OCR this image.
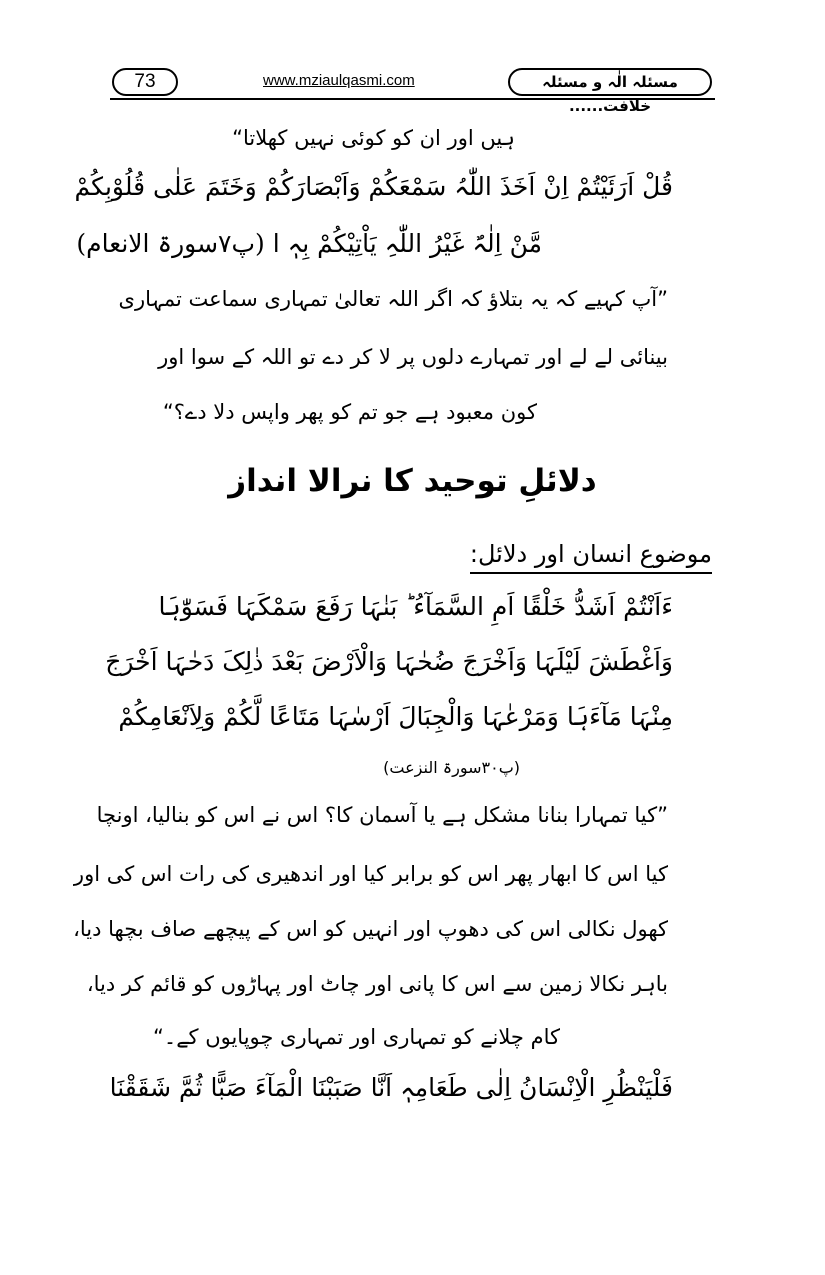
73	www.mziaulqasmi.com	مسئلہ الٰہ و مسئلہ خلافت......
ہیں اور ان کو کوئی نہیں کھلاتا“
قُلْ اَرَئَیْتُمْ اِنْ اَخَذَ اللّٰہُ سَمْعَکُمْ وَاَبْصَارَکُمْ وَخَتَمَ عَلٰی قُلُوْبِکُمْ
مَّنْ اِلٰہٌ غَیْرُ اللّٰہِ یَاْتِیْکُمْ بِہٖ ا (پ۷سورۃ الانعام)
”آپ کہیے کہ یہ بتلاؤ کہ اگر اللہ تعالیٰ تمہاری سماعت تمہاری
بینائی لے لے اور تمہارے دلوں پر لا کر دے تو اللہ کے سوا اور
کون معبود ہے جو تم کو پھر واپس دلا دے؟“
دلائلِ توحید کا نرالا انداز
موضوع انسان اور دلائل:
ءَاَنْتُمْ اَشَدُّ خَلْقًا اَمِ السَّمَآءُ ؕ بَنٰہَا رَفَعَ سَمْکَہَا فَسَوّٰہَا
وَاَغْطَشَ لَیْلَہَا وَاَخْرَجَ ضُحٰہَا وَالْاَرْضَ بَعْدَ ذٰلِکَ دَحٰہَا اَخْرَجَ
مِنْہَا مَآءَہَا وَمَرْعٰہَا وَالْجِبَالَ اَرْسٰہَا مَتَاعًا لَّکُمْ وَلِاَنْعَامِکُمْ
(پ۳۰سورۃ النزعت)
”کیا تمہارا بنانا مشکل ہے یا آسمان کا؟ اس نے اس کو بنالیا، اونچا
کیا اس کا ابھار پھر اس کو برابر کیا اور اندھیری کی رات اس کی اور
کھول نکالی اس کی دھوپ اور انہیں کو اس کے پیچھے صاف بچھا دیا،
باہر نکالا زمین سے اس کا پانی اور چاٹ اور پہاڑوں کو قائم کر دیا،
کام چلانے کو تمہاری اور تمہاری چوپایوں کے۔“
فَلْیَنْظُرِ الْاِنْسَانُ اِلٰی طَعَامِہٖ اَنَّا صَبَبْنَا الْمَآءَ صَبًّا ثُمَّ شَقَقْنَا
